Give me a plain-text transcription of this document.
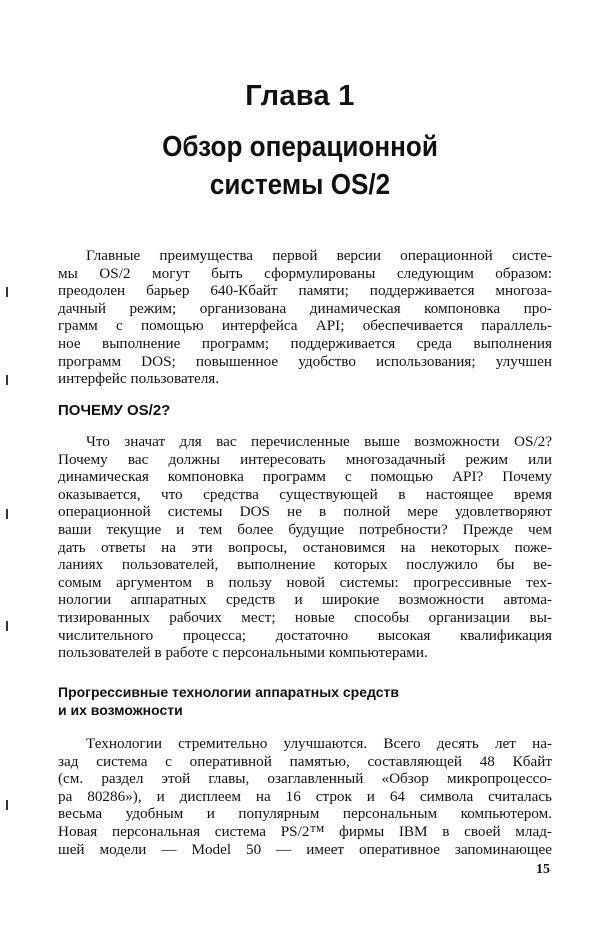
Глава 1
Обзор операционной
системы OS/2
Главные преимущества первой версии операционной систе-
мы OS/2 могут быть сформулированы следующим образом:
преодолен барьер 640-Кбайт памяти; поддерживается многоза-
дачный режим; организована динамическая компоновка про-
грамм с помощью интерфейса API; обеспечивается параллель-
ное выполнение программ; поддерживается среда выполнения
программ DOS; повышенное удобство использования; улучшен
интерфейс пользователя.
ПОЧЕМУ OS/2?
Что значат для вас перечисленные выше возможности OS/2?
Почему вас должны интересовать многозадачный режим или
динамическая компоновка программ с помощью API? Почему
оказывается, что средства существующей в настоящее время
операционной системы DOS не в полной мере удовлетворяют
ваши текущие и тем более будущие потребности? Прежде чем
дать ответы на эти вопросы, остановимся на некоторых поже-
ланиях пользователей, выполнение которых послужило бы ве-
сомым аргументом в пользу новой системы: прогрессивные тех-
нологии аппаратных средств и широкие возможности автома-
тизированных рабочих мест; новые способы организации вы-
числительного процесса; достаточно высокая квалификация
пользователей в работе с персональными компьютерами.
Прогрессивные технологии аппаратных средств
и их возможности
Технологии стремительно улучшаются. Всего десять лет на-
зад система с оперативной памятью, составляющей 48 Кбайт
(см. раздел этой главы, озаглавленный «Обзор микропроцессо-
ра 80286»), и дисплеем на 16 строк и 64 символа считалась
весьма удобным и популярным персональным компьютером.
Новая персональная система PS/2™ фирмы IBM в своей млад-
шей модели — Model 50 — имеет оперативное запоминающее
15
